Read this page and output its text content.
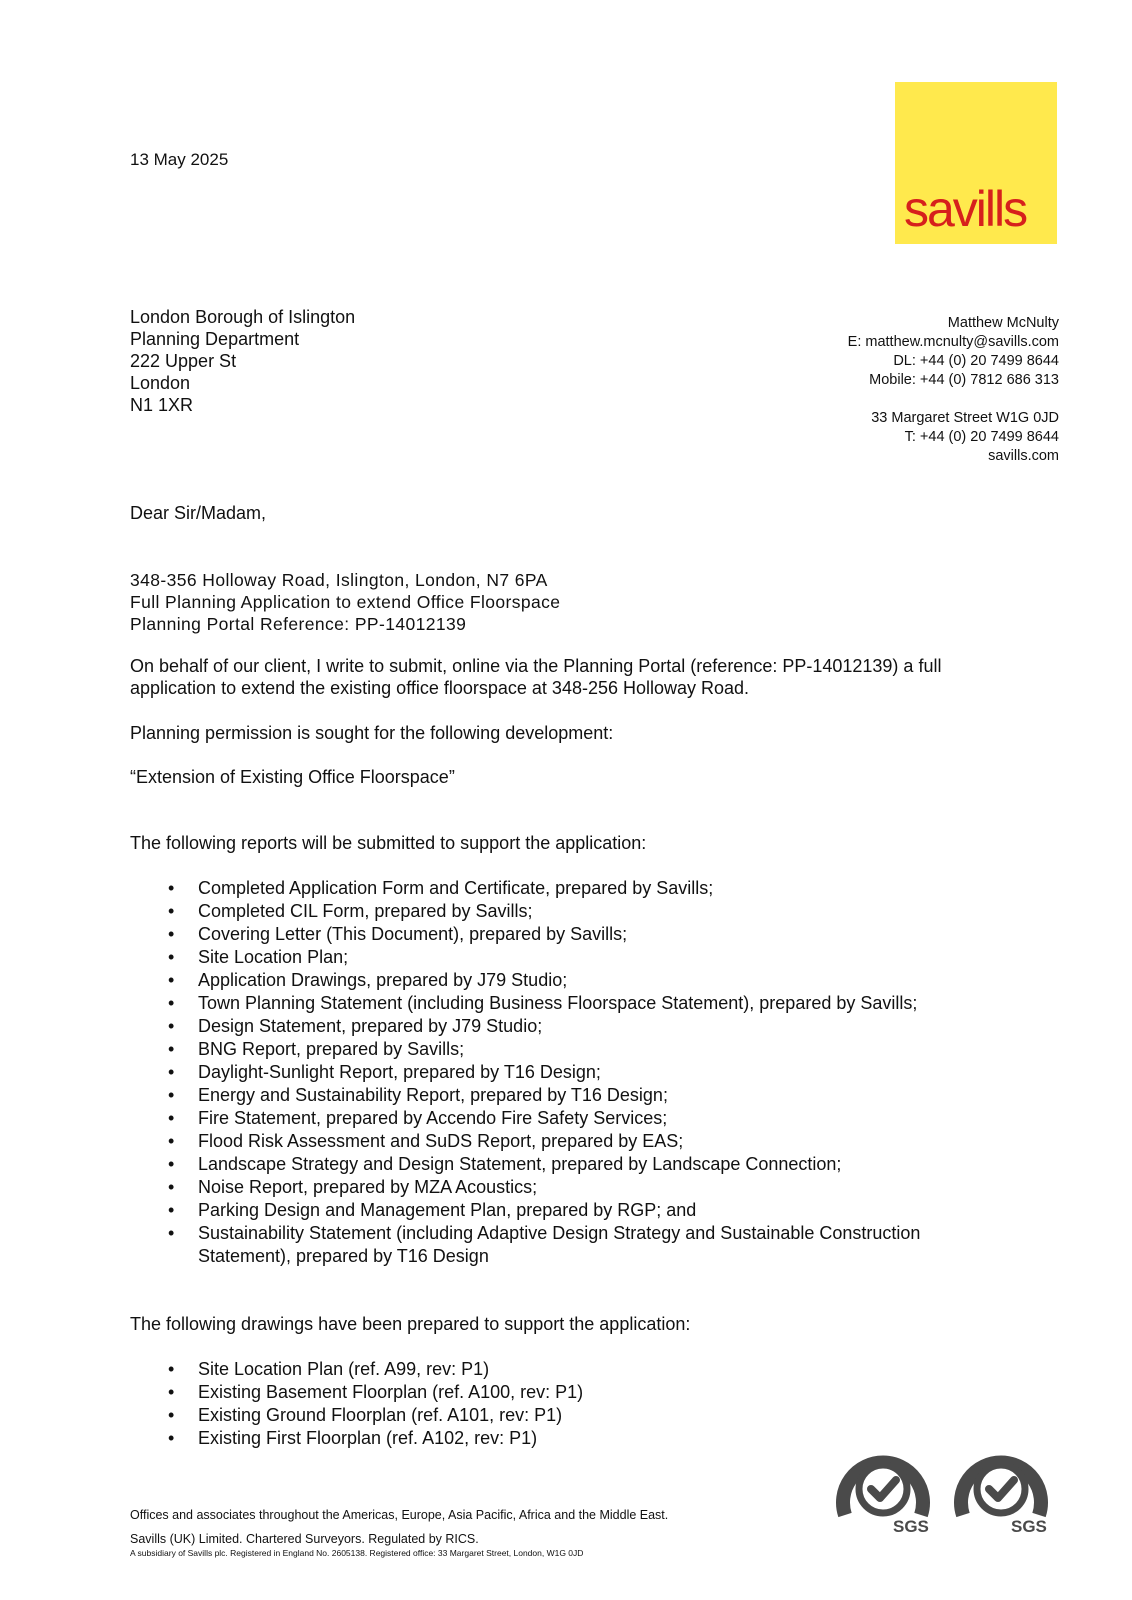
13 May 2025
savills
London Borough of Islington
Planning Department
222 Upper St
London
N1 1XR
Matthew McNulty
E: matthew.mcnulty@savills.com
DL: +44 (0) 20 7499 8644
Mobile: +44 (0) 7812 686 313
33 Margaret Street W1G 0JD
T: +44 (0) 20 7499 8644
savills.com
Dear Sir/Madam,
348-356 Holloway Road, Islington, London, N7 6PA
Full Planning Application to extend Office Floorspace
Planning Portal Reference: PP-14012139
On behalf of our client, I write to submit, online via the Planning Portal (reference: PP-14012139) a full application to extend the existing office floorspace at 348-256 Holloway Road.
Planning permission is sought for the following development:
“Extension of Existing Office Floorspace”
The following reports will be submitted to support the application:
• Completed Application Form and Certificate, prepared by Savills;
• Completed CIL Form, prepared by Savills;
• Covering Letter (This Document), prepared by Savills;
• Site Location Plan;
• Application Drawings, prepared by J79 Studio;
• Town Planning Statement (including Business Floorspace Statement), prepared by Savills;
• Design Statement, prepared by J79 Studio;
• BNG Report, prepared by Savills;
• Daylight-Sunlight Report, prepared by T16 Design;
• Energy and Sustainability Report, prepared by T16 Design;
• Fire Statement, prepared by Accendo Fire Safety Services;
• Flood Risk Assessment and SuDS Report, prepared by EAS;
• Landscape Strategy and Design Statement, prepared by Landscape Connection;
• Noise Report, prepared by MZA Acoustics;
• Parking Design and Management Plan, prepared by RGP; and
• Sustainability Statement (including Adaptive Design Strategy and Sustainable Construction Statement), prepared by T16 Design
The following drawings have been prepared to support the application:
• Site Location Plan (ref. A99, rev: P1)
• Existing Basement Floorplan (ref. A100, rev: P1)
• Existing Ground Floorplan (ref. A101, rev: P1)
• Existing First Floorplan (ref. A102, rev: P1)
Offices and associates throughout the Americas, Europe, Asia Pacific, Africa and the Middle East.
Savills (UK) Limited. Chartered Surveyors. Regulated by RICS.
A subsidiary of Savills plc. Registered in England No. 2605138. Registered office: 33 Margaret Street, London, W1G 0JD
SGS	SGS
